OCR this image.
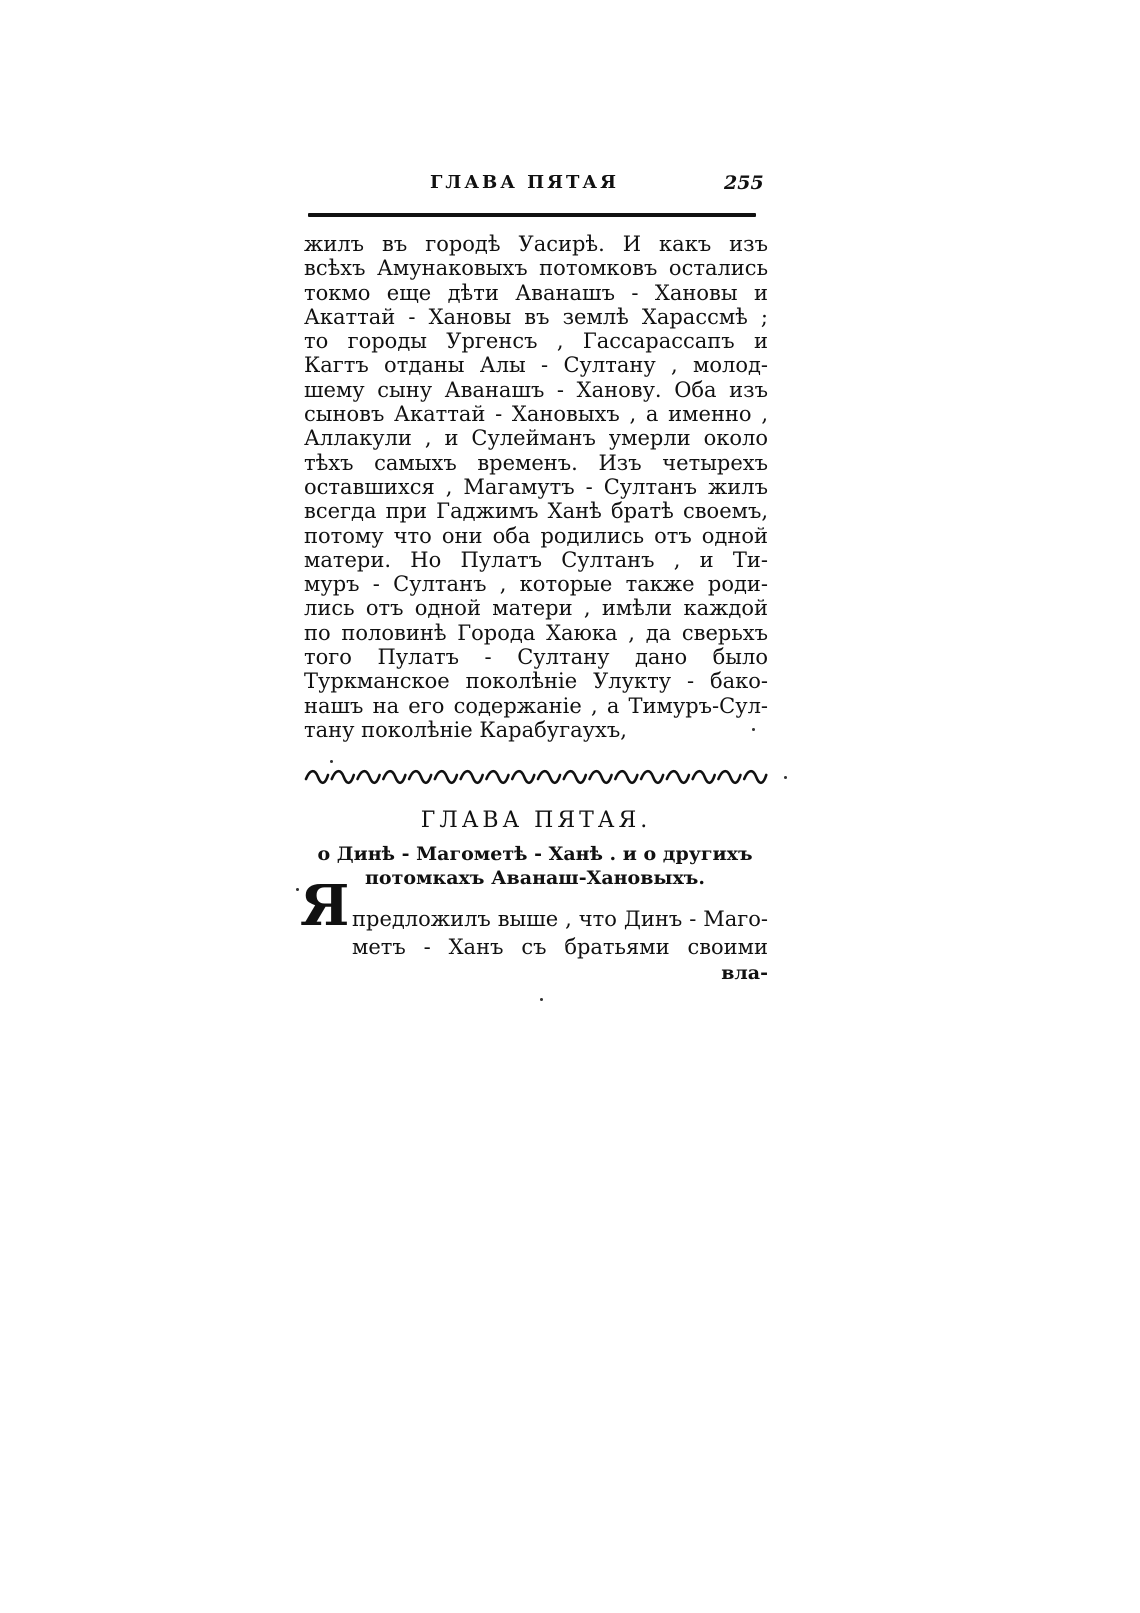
ГЛАВА ПЯТАЯ	255
жилъ въ городѣ Уасирѣ. И какъ изъ
всѣхъ Амунаковыхъ потомковъ остались
токмо еще дѣти Аванашъ - Хановы и
Акаттай - Хановы въ землѣ Харассмѣ ;
то городы Ургенсъ , Гассарассапъ и
Кагтъ отданы Алы - Султану , молод-
шему сыну Аванашъ - Ханову. Оба изъ
сыновъ Акаттай - Хановыхъ , а именно ,
Аллакули , и Сулейманъ умерли около
тѣхъ самыхъ временъ. Изъ четырехъ
оставшихся , Магамутъ - Султанъ жилъ
всегда при Гаджимъ Ханѣ братѣ своемъ,
потому что они оба родились отъ одной
матери. Но Пулатъ Султанъ , и Ти-
муръ - Султанъ , которые также роди-
лись отъ одной матери , имѣли каждой
по половинѣ Города Хаюка , да сверьхъ
того Пулатъ - Султану дано было
Туркманское поколѣніе Улукту - бако-
нашъ на его содержаніе , а Тимуръ-Сул-
тану поколѣніе Карабугаухъ,
ГЛАВА ПЯТАЯ.
о Динѣ - Магометѣ - Ханѣ . и о другихъ
потомкахъ Аванаш-Хановыхъ.
Я предложилъ выше , что Динъ - Маго-
метъ - Ханъ съ братьями своими
вла-
